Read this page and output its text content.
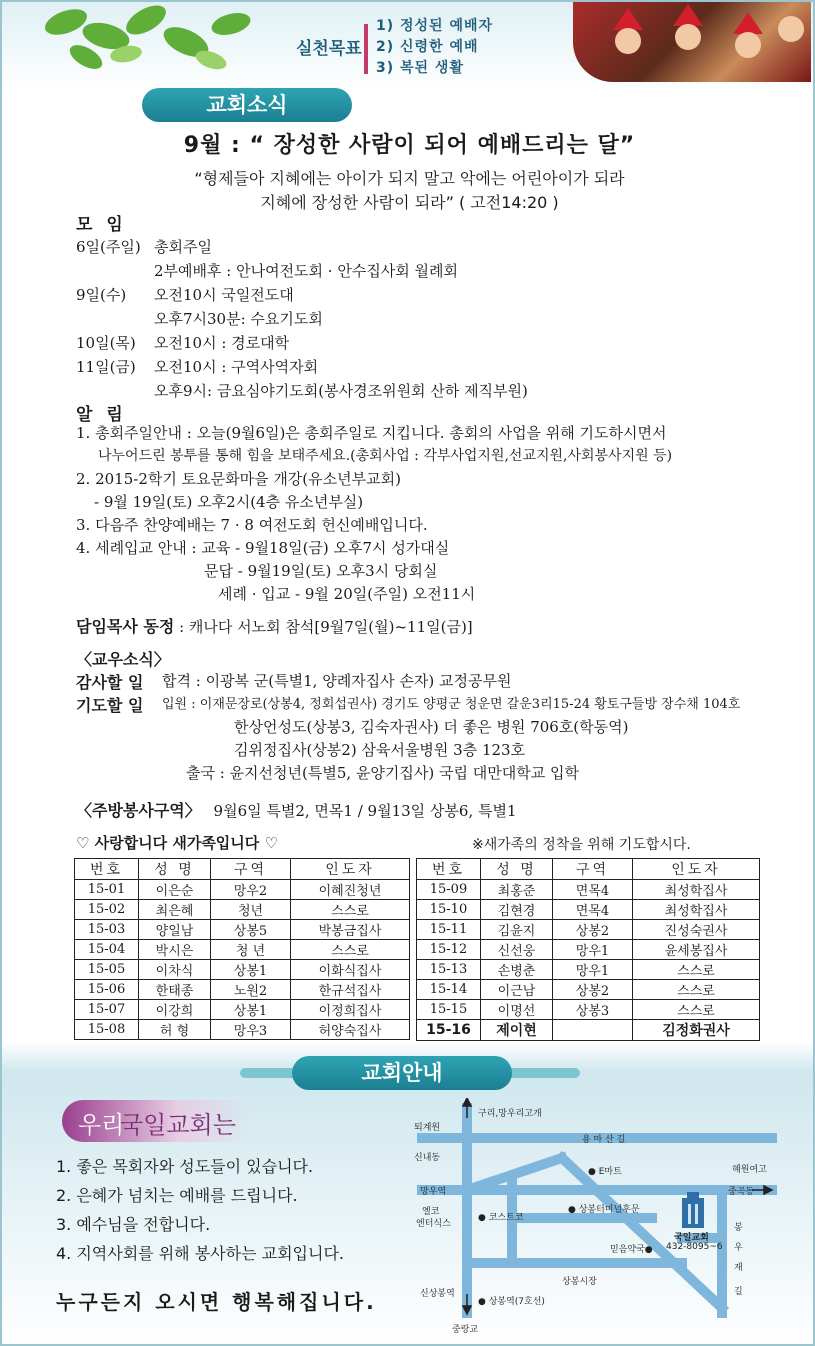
실천목표
1) 정성된 예배자
2) 신령한 예배
3) 복된 생활
교회소식
9월 : “ 장성한 사람이 되어 예배드리는 달”
“형제들아 지혜에는 아이가 되지 말고 악에는 어린아이가 되라
지혜에 장성한 사람이 되라” ( 고전14:20 )
모 임
6일(주일) 총회주일
2부예배후 : 안나여전도회 · 안수집사회 월례회
9일(수) 오전10시 국일전도대
오후7시30분: 수요기도회
10일(목) 오전10시 : 경로대학
11일(금) 오전10시 : 구역사역자회
오후9시: 금요심야기도회(봉사경조위원회 산하 제직부원)
알 림
1. 총회주일안내 : 오늘(9월6일)은 총회주일로 지킵니다. 총회의 사업을 위해 기도하시면서
나누어드린 봉투를 통해 힘을 보태주세요.(총회사업 : 각부사업지원,선교지원,사회봉사지원 등)
2. 2015-2학기 토요문화마을 개강(유소년부교회)
- 9월 19일(토) 오후2시(4층 유소년부실)
3. 다음주 찬양예배는 7 · 8 여전도회 헌신예배입니다.
4. 세례입교 안내 : 교육 - 9월18일(금) 오후7시 성가대실
문답 - 9월19일(토) 오후3시 당회실
세례 · 입교 - 9월 20일(주일) 오전11시
담임목사 동정 : 캐나다 서노회 참석[9월7일(월)~11일(금)]
〈교우소식〉
감사할 일 합격 : 이광복 군(특별1, 양례자집사 손자) 교정공무원
기도할 일 입원 : 이재문장로(상봉4, 정회섭권사) 경기도 양평군 청운면 갈운3리15-24 황토구들방 장수채 104호
한상언성도(상봉3, 김숙자권사) 더 좋은 병원 706호(학동역)
김위정집사(상봉2) 삼육서울병원 3층 123호
출국 : 윤지선청년(특별5, 윤양기집사) 국립 대만대학교 입학
〈주방봉사구역〉 9월6일 특별2, 면목1 / 9월13일 상봉6, 특별1
♡ 사랑합니다 새가족입니다 ♡	※새가족의 정착을 위해 기도합시다.
번호	성 명	구역	인도자
15-01	이은순	망우2	이혜진청년
15-02	최은혜	청년	스스로
15-03	양일남	상봉5	박봉금집사
15-04	박시은	청 년	스스로
15-05	이차식	상봉1	이화식집사
15-06	한태종	노원2	한규석집사
15-07	이강희	상봉1	이정희집사
15-08	허 형	망우3	허양숙집사
번호	성 명	구역	인도자
15-09	최홍준	면목4	최성학집사
15-10	김현경	면목4	최성학집사
15-11	김윤지	상봉2	진성숙권사
15-12	신선웅	망우1	윤세봉집사
15-13	손병춘	망우1	스스로
15-14	이근남	상봉2	스스로
15-15	이명선	상봉3	스스로
15-16	제이현		김정화권사
교회안내
우리
국일교회는
1. 좋은 목회자와 성도들이 있습니다.
2. 은혜가 넘치는 예배를 드립니다.
3. 예수님을 전합니다.
4. 지역사회를 위해 봉사하는 교회입니다.
누구든지 오시면 행복해집니다.
구리,망우리고개
퇴계원
용 마 산 길
신내동
● E마트	혜원여고
망우역	중곡동
옐코
엔터식스
● 코스트코
● 상봉터미널후문
국일교회
432-8095~6
믿음약국●
봉
우
재
길
상봉시장
신상봉역
● 상봉역(7호선)
중랑교
